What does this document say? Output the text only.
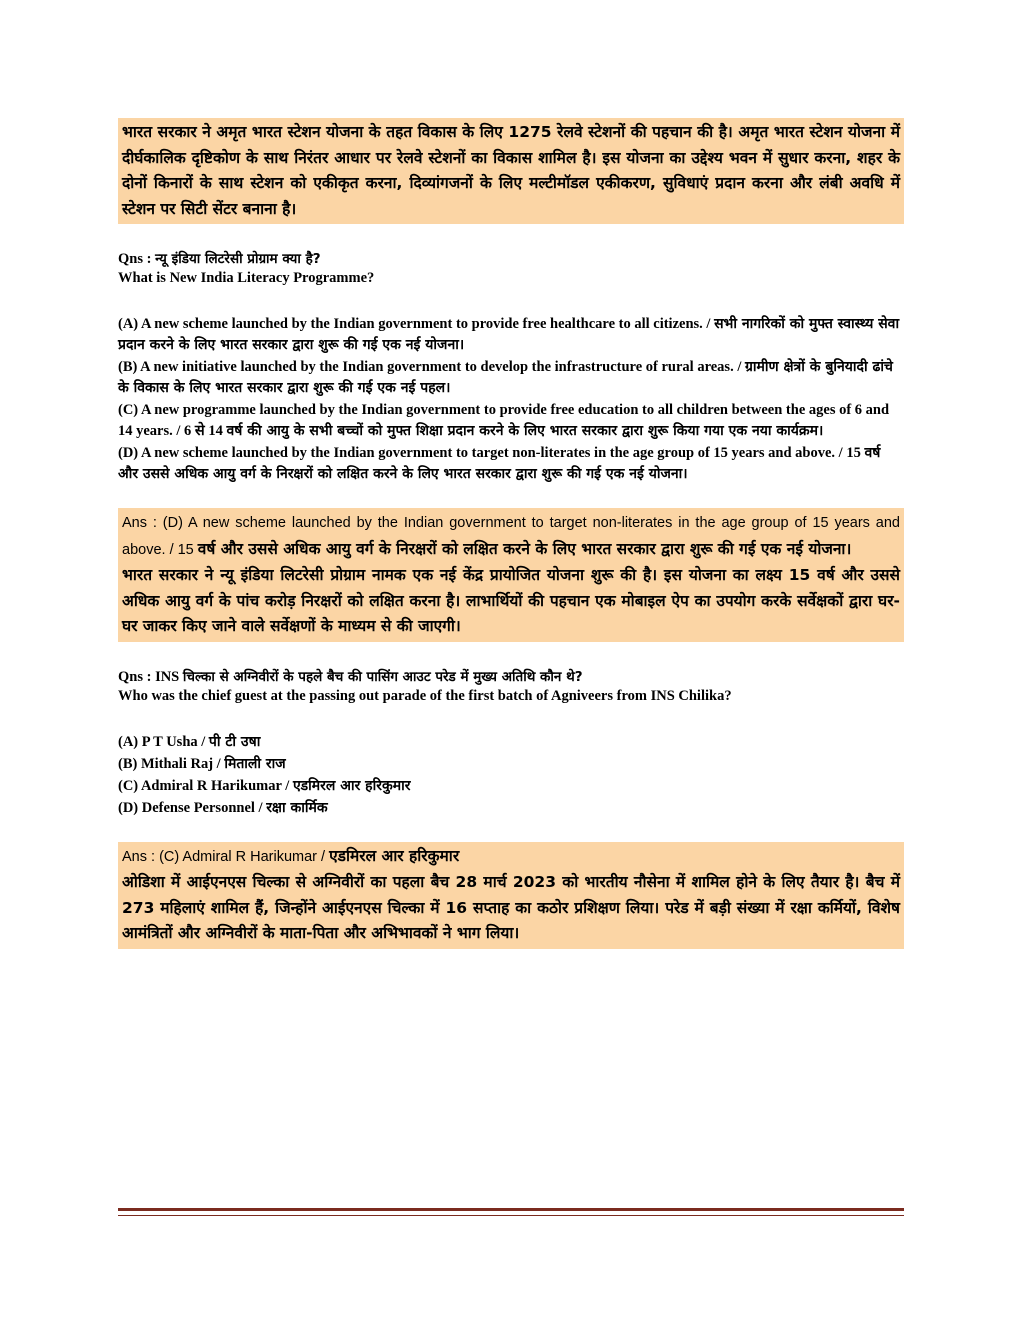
भारत सरकार ने अमृत भारत स्टेशन योजना के तहत विकास के लिए 1275 रेलवे स्टेशनों की पहचान की है। अमृत भारत स्टेशन योजना में दीर्घकालिक दृष्टिकोण के साथ निरंतर आधार पर रेलवे स्टेशनों का विकास शामिल है। इस योजना का उद्देश्य भवन में सुधार करना, शहर के दोनों किनारों के साथ स्टेशन को एकीकृत करना, दिव्यांगजनों के लिए मल्टीमॉडल एकीकरण, सुविधाएं प्रदान करना और लंबी अवधि में स्टेशन पर सिटी सेंटर बनाना है।

Qns : न्यू इंडिया लिटरेसी प्रोग्राम क्या है?
What is New India Literacy Programme?

(A) A new scheme launched by the Indian government to provide free healthcare to all citizens. / सभी नागरिकों को मुफ्त स्वास्थ्य सेवा प्रदान करने के लिए भारत सरकार द्वारा शुरू की गई एक नई योजना।

(B) A new initiative launched by the Indian government to develop the infrastructure of rural areas. / ग्रामीण क्षेत्रों के बुनियादी ढांचे के विकास के लिए भारत सरकार द्वारा शुरू की गई एक नई पहल।

(C) A new programme launched by the Indian government to provide free education to all children between the ages of 6 and 14 years. / 6 से 14 वर्ष की आयु के सभी बच्चों को मुफ्त शिक्षा प्रदान करने के लिए भारत सरकार द्वारा शुरू किया गया एक नया कार्यक्रम।

(D) A new scheme launched by the Indian government to target non-literates in the age group of 15 years and above. / 15 वर्ष और उससे अधिक आयु वर्ग के निरक्षरों को लक्षित करने के लिए भारत सरकार द्वारा शुरू की गई एक नई योजना।

Ans : (D) A new scheme launched by the Indian government to target non-literates in the age group of 15 years and above. / 15 वर्ष और उससे अधिक आयु वर्ग के निरक्षरों को लक्षित करने के लिए भारत सरकार द्वारा शुरू की गई एक नई योजना।

भारत सरकार ने न्यू इंडिया लिटरेसी प्रोग्राम नामक एक नई केंद्र प्रायोजित योजना शुरू की है। इस योजना का लक्ष्य 15 वर्ष और उससे अधिक आयु वर्ग के पांच करोड़ निरक्षरों को लक्षित करना है। लाभार्थियों की पहचान एक मोबाइल ऐप का उपयोग करके सर्वेक्षकों द्वारा घर-घर जाकर किए जाने वाले सर्वेक्षणों के माध्यम से की जाएगी।

Qns : INS चिल्का से अग्निवीरों के पहले बैच की पासिंग आउट परेड में मुख्य अतिथि कौन थे?
Who was the chief guest at the passing out parade of the first batch of Agniveers from INS Chilika?

(A) P T Usha / पी टी उषा

(B) Mithali Raj / मिताली राज

(C) Admiral R Harikumar / एडमिरल आर हरिकुमार

(D) Defense Personnel / रक्षा कार्मिक

Ans : (C) Admiral R Harikumar / एडमिरल आर हरिकुमार

ओडिशा में आईएनएस चिल्का से अग्निवीरों का पहला बैच 28 मार्च 2023 को भारतीय नौसेना में शामिल होने के लिए तैयार है। बैच में 273 महिलाएं शामिल हैं, जिन्होंने आईएनएस चिल्का में 16 सप्ताह का कठोर प्रशिक्षण लिया। परेड में बड़ी संख्या में रक्षा कर्मियों, विशेष आमंत्रितों और अग्निवीरों के माता-पिता और अभिभावकों ने भाग लिया।
